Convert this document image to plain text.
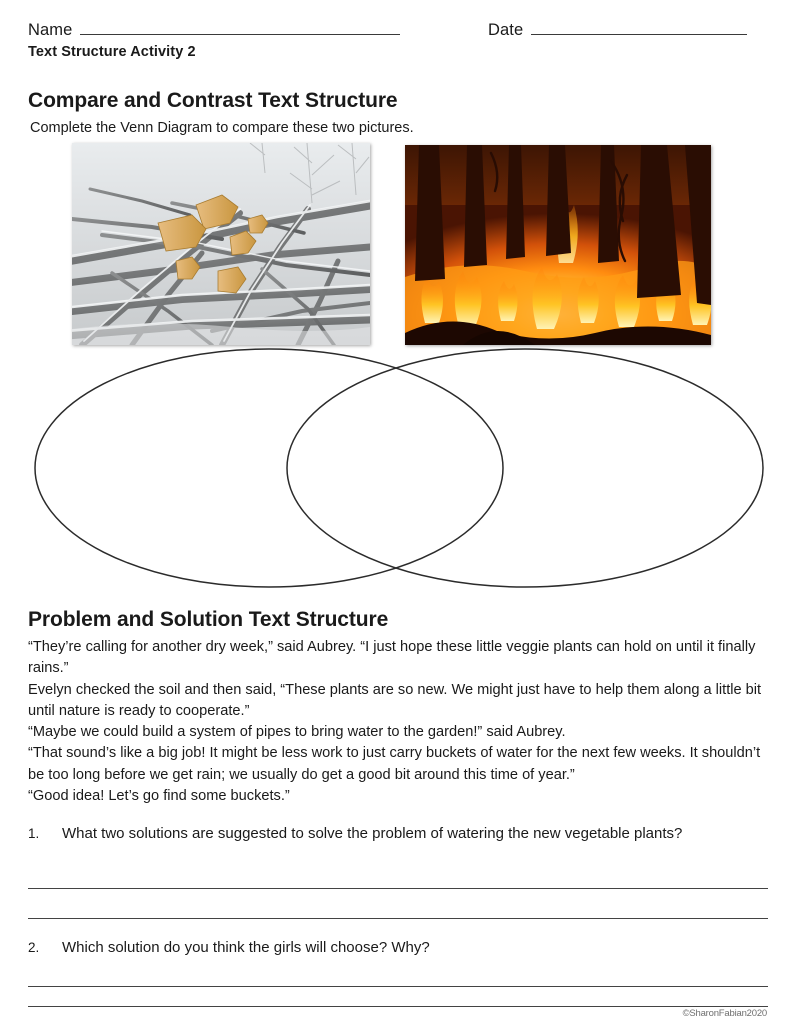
Name	Date
Text Structure Activity 2
Compare and Contrast Text Structure
Complete the Venn Diagram to compare these two pictures.
Problem and Solution Text Structure

“They’re calling for another dry week,” said Aubrey. “I just hope these little veggie plants can hold on until it finally rains.”

Evelyn checked the soil and then said, “These plants are so new. We might just have to help them along a little bit until nature is ready to cooperate.”

“Maybe we could build a system of pipes to bring water to the garden!” said Aubrey.

“That sound’s like a big job! It might be less work to just carry buckets of water for the next few weeks. It shouldn’t be too long before we get rain; we usually do get a good bit around this time of year.”

“Good idea! Let’s go find some buckets.”

1. What two solutions are suggested to solve the problem of watering the new vegetable plants?
2. Which solution do you think the girls will choose? Why?
©SharonFabian2020
